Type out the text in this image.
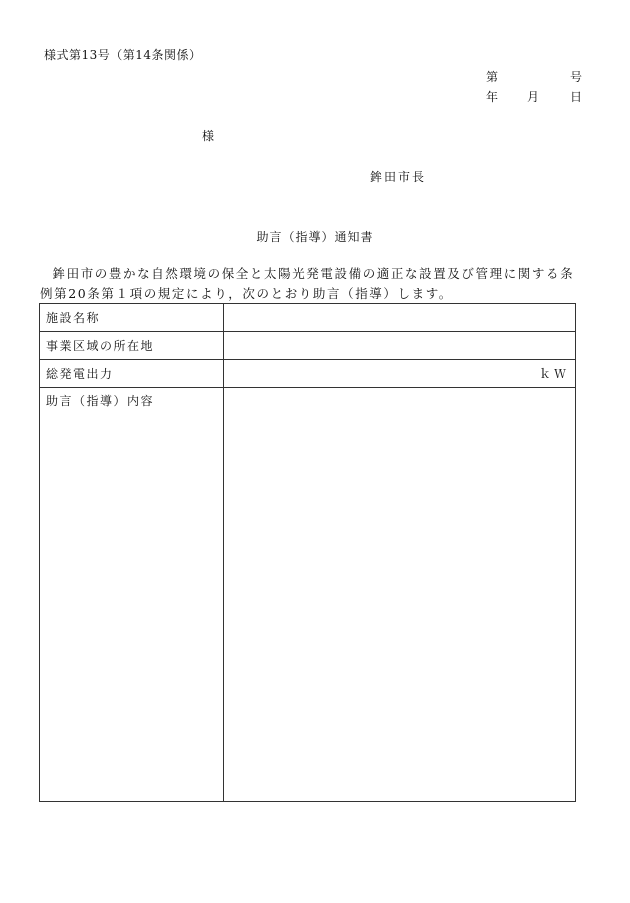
様式第13号（第14条関係）
第	号
年 月	日
様
鉾田市長
助言（指導）通知書
鉾田市の豊かな自然環境の保全と太陽光発電設備の適正な設置及び管理に関する条例第20条第１項の規定により，次のとおり助言（指導）します。
施設名称	
事業区域の所在地	
総発電出力	ｋＷ
助言（指導）内容	
